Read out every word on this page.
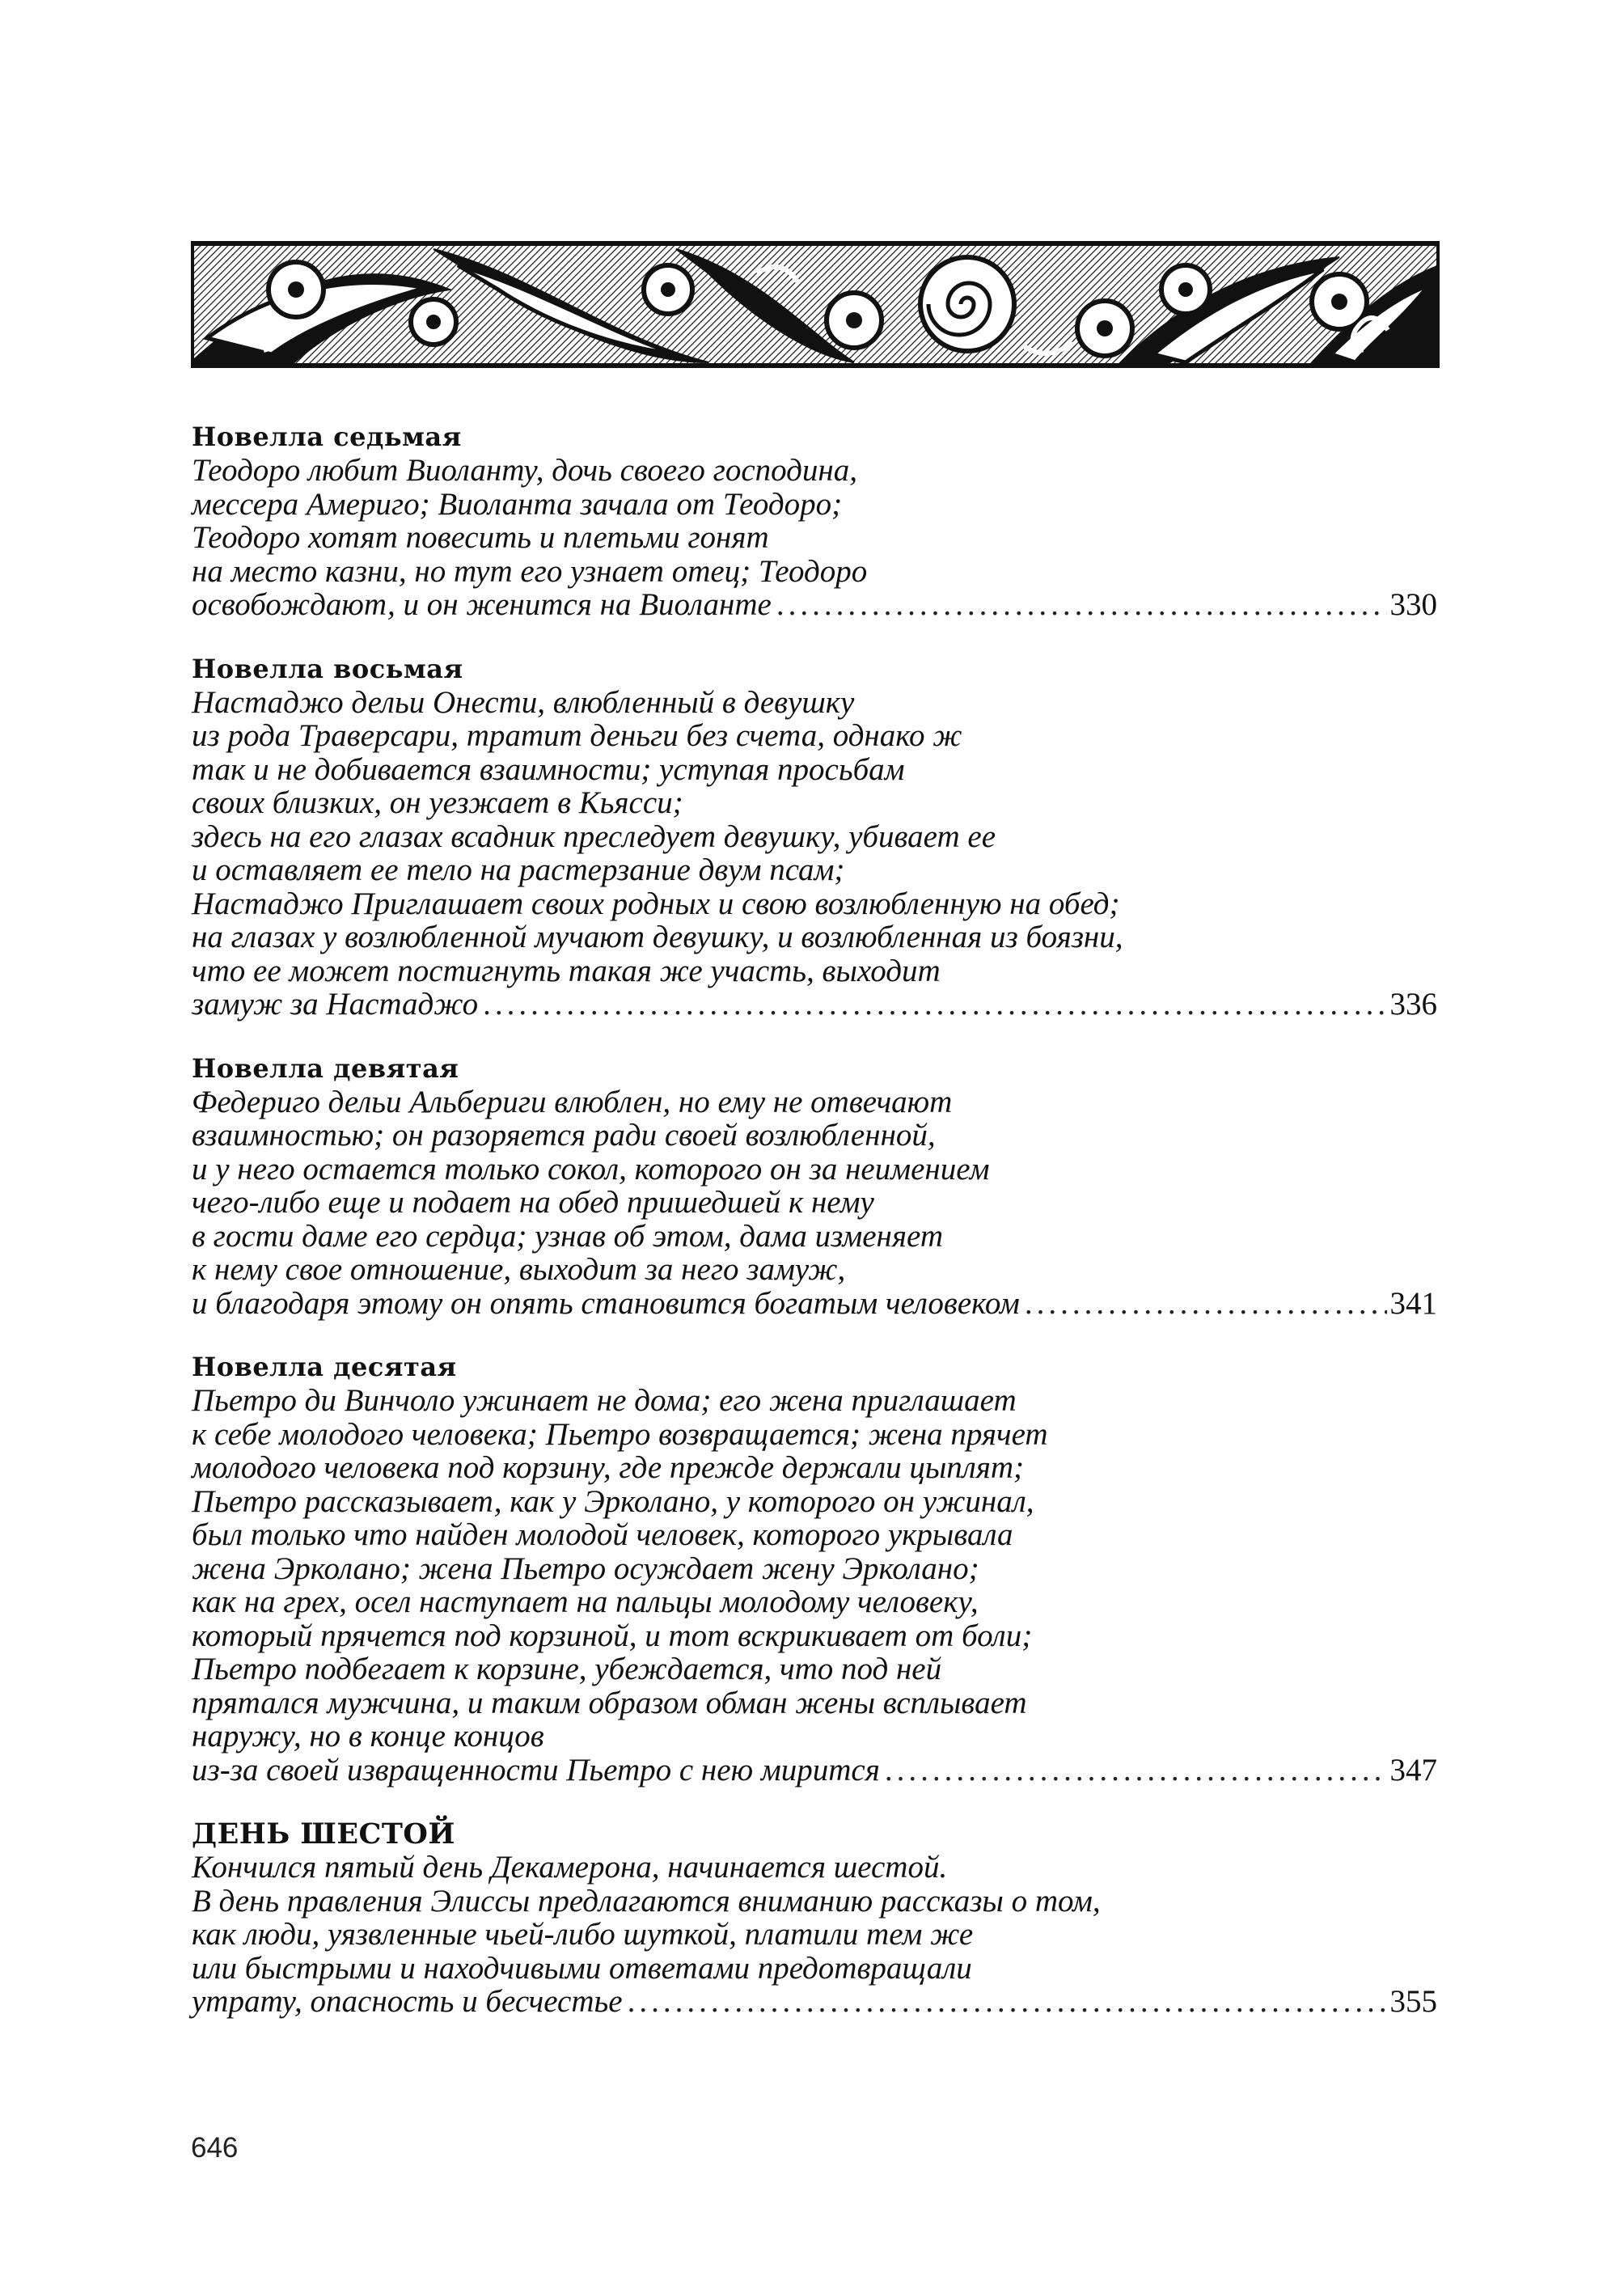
Новелла седьмая
Теодоро любит Виоланту, дочь своего господина,
мессера Америго; Виоланта зачала от Теодоро;
Теодоро хотят повесить и плетьми гонят
на место казни, но тут его узнает отец; Теодоро
освобождают, и он женится на Виоланте .....	330
Новелла восьмая
Настаджо дельи Онести, влюбленный в девушку
из рода Траверсари, тратит деньги без счета, однако ж
так и не добивается взаимности; уступая просьбам
своих близких, он уезжает в Кьясси;
здесь на его глазах всадник преследует девушку, убивает ее
и оставляет ее тело на растерзание двум псам;
Настаджо Приглашает своих родных и свою возлюбленную на обед;
на глазах у возлюбленной мучают девушку, и возлюбленная из боязни,
что ее может постигнуть такая же участь, выходит
замуж за Настаджо .....	336
Новелла девятая
Федериго дельи Альбериги влюблен, но ему не отвечают
взаимностью; он разоряется ради своей возлюбленной,
и у него остается только сокол, которого он за неимением
чего-либо еще и подает на обед пришедшей к нему
в гости даме его сердца; узнав об этом, дама изменяет
к нему свое отношение, выходит за него замуж,
и благодаря этому он опять становится богатым человеком .....	341
Новелла десятая
Пьетро ди Винчоло ужинает не дома; его жена приглашает
к себе молодого человека; Пьетро возвращается; жена прячет
молодого человека под корзину, где прежде держали цыплят;
Пьетро рассказывает, как у Эрколано, у которого он ужинал,
был только что найден молодой человек, которого укрывала
жена Эрколано; жена Пьетро осуждает жену Эрколано;
как на грех, осел наступает на пальцы молодому человеку,
который прячется под корзиной, и тот вскрикивает от боли;
Пьетро подбегает к корзине, убеждается, что под ней
прятался мужчина, и таким образом обман жены всплывает
наружу, но в конце концов
из-за своей извращенности Пьетро с нею мирится .....	347
ДЕНЬ ШЕСТОЙ
Кончился пятый день Декамерона, начинается шестой.
В день правления Элиссы предлагаются вниманию рассказы о том,
как люди, уязвленные чьей-либо шуткой, платили тем же
или быстрыми и находчивыми ответами предотвращали
утрату, опасность и бесчестье .....	355
646
